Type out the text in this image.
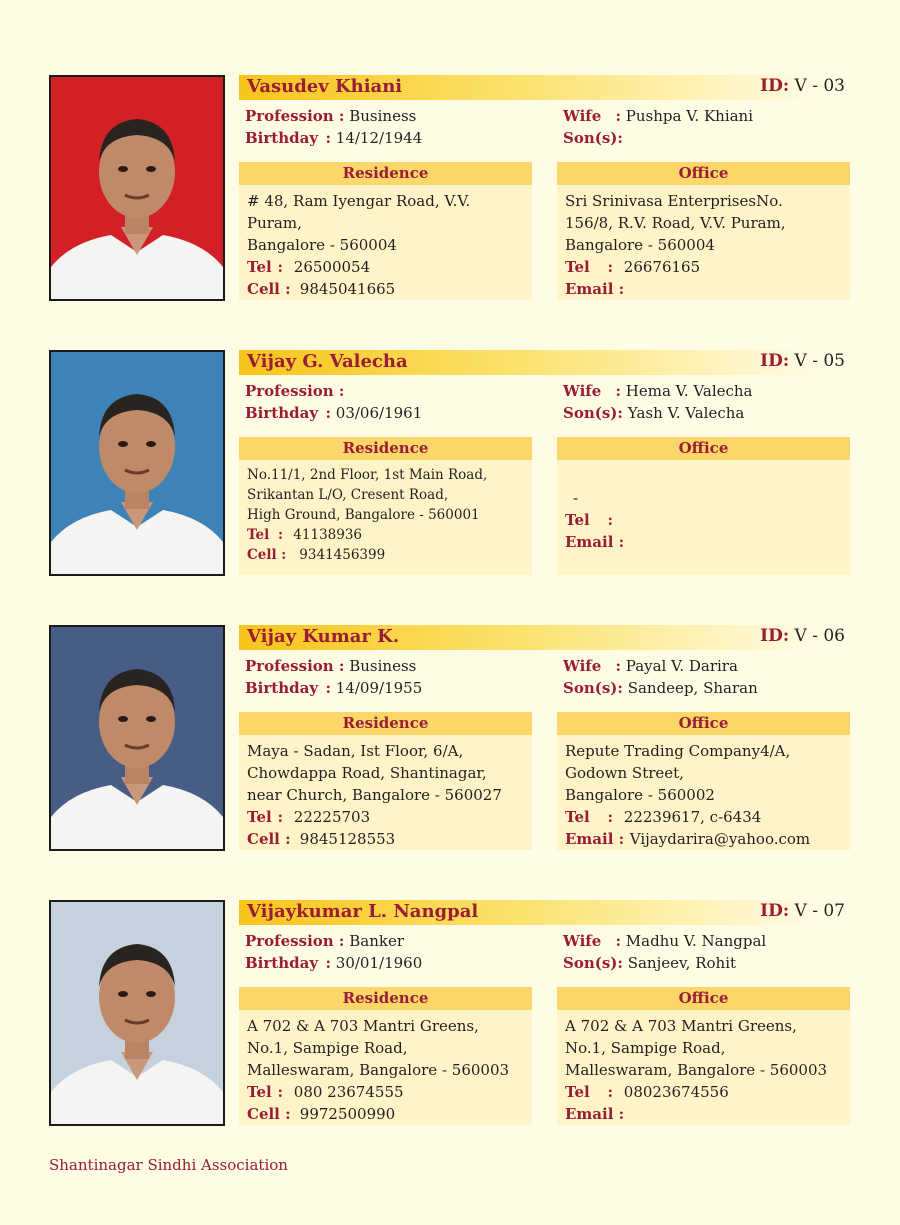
Vasudev Khiani	ID: V - 03
Profession : Business
Birthday : 14/12/1944
Wife : Pushpa V. Khiani
Son(s):
Residence
# 48, Ram Iyengar Road, V.V.
Puram,
Bangalore - 560004
Tel : 26500054
Cell : 9845041665
Office
Sri Srinivasa EnterprisesNo.
156/8, R.V. Road, V.V. Puram,
Bangalore - 560004
Tel : 26676165
Email :
Vijay G. Valecha	ID: V - 05
Profession :
Birthday : 03/06/1961
Wife : Hema V. Valecha
Son(s): Yash V. Valecha
Residence
No.11/1, 2nd Floor, 1st Main Road,
Srikantan L/O, Cresent Road,
High Ground, Bangalore - 560001
Tel : 41138936
Cell : 9341456399
Office
-
Tel :
Email :
Vijay Kumar K.	ID: V - 06
Profession : Business
Birthday : 14/09/1955
Wife : Payal V. Darira
Son(s): Sandeep, Sharan
Residence
Maya - Sadan, Ist Floor, 6/A,
Chowdappa Road, Shantinagar,
near Church, Bangalore - 560027
Tel : 22225703
Cell : 9845128553
Office
Repute Trading Company4/A,
Godown Street,
Bangalore - 560002
Tel : 22239617, c-6434
Email : Vijaydarira@yahoo.com
Vijaykumar L. Nangpal	ID: V - 07
Profession : Banker
Birthday : 30/01/1960
Wife : Madhu V. Nangpal
Son(s): Sanjeev, Rohit
Residence
A 702 & A 703 Mantri Greens,
No.1, Sampige Road,
Malleswaram, Bangalore - 560003
Tel : 080 23674555
Cell : 9972500990
Office
A 702 & A 703 Mantri Greens,
No.1, Sampige Road,
Malleswaram, Bangalore - 560003
Tel : 08023674556
Email :
Shantinagar Sindhi Association
